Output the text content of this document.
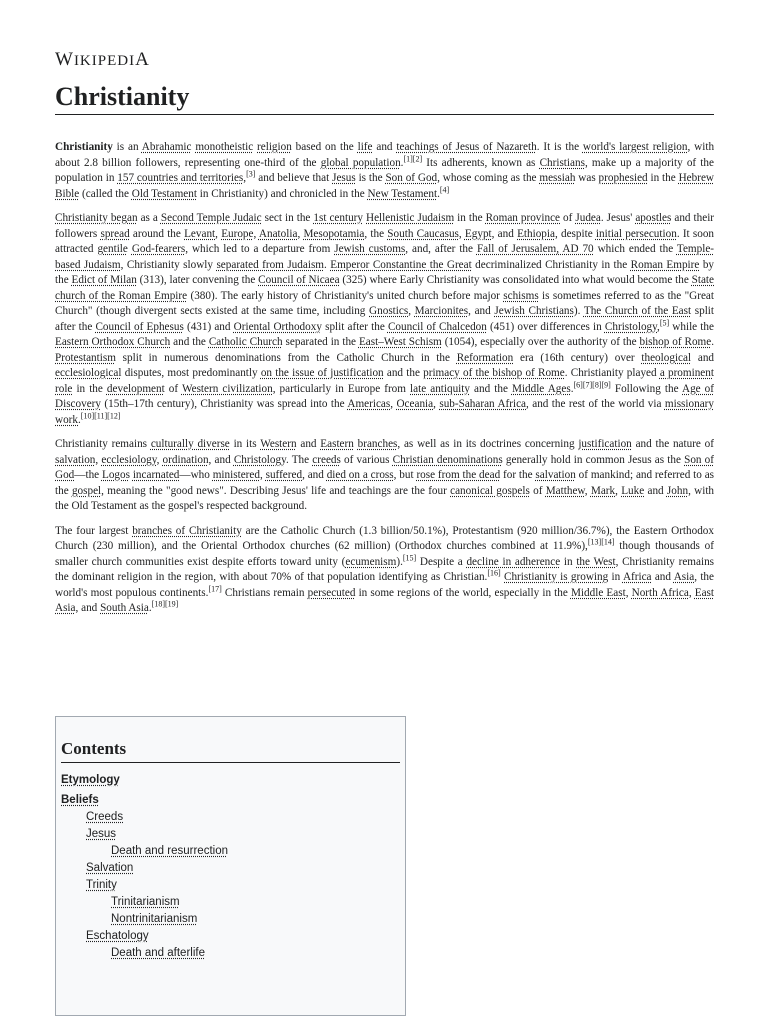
WIKIPEDIA
Christianity

Christianity is an Abrahamic monotheistic religion based on the life and teachings of Jesus of Nazareth. It is the world's largest religion, with about 2.8 billion followers, representing one-third of the global population.[1][2] Its adherents, known as Christians, make up a majority of the population in 157 countries and territories,[3] and believe that Jesus is the Son of God, whose coming as the messiah was prophesied in the Hebrew Bible (called the Old Testament in Christianity) and chronicled in the New Testament.[4]

Christianity began as a Second Temple Judaic sect in the 1st century Hellenistic Judaism in the Roman province of Judea. Jesus' apostles and their followers spread around the Levant, Europe, Anatolia, Mesopotamia, the South Caucasus, Egypt, and Ethiopia, despite initial persecution. It soon attracted gentile God-fearers, which led to a departure from Jewish customs, and, after the Fall of Jerusalem, AD 70 which ended the Temple-based Judaism, Christianity slowly separated from Judaism. Emperor Constantine the Great decriminalized Christianity in the Roman Empire by the Edict of Milan (313), later convening the Council of Nicaea (325) where Early Christianity was consolidated into what would become the State church of the Roman Empire (380). The early history of Christianity's united church before major schisms is sometimes referred to as the "Great Church" (though divergent sects existed at the same time, including Gnostics, Marcionites, and Jewish Christians). The Church of the East split after the Council of Ephesus (431) and Oriental Orthodoxy split after the Council of Chalcedon (451) over differences in Christology,[5] while the Eastern Orthodox Church and the Catholic Church separated in the East–West Schism (1054), especially over the authority of the bishop of Rome. Protestantism split in numerous denominations from the Catholic Church in the Reformation era (16th century) over theological and ecclesiological disputes, most predominantly on the issue of justification and the primacy of the bishop of Rome. Christianity played a prominent role in the development of Western civilization, particularly in Europe from late antiquity and the Middle Ages.[6][7][8][9] Following the Age of Discovery (15th–17th century), Christianity was spread into the Americas, Oceania, sub-Saharan Africa, and the rest of the world via missionary work.[10][11][12]

Christianity remains culturally diverse in its Western and Eastern branches, as well as in its doctrines concerning justification and the nature of salvation, ecclesiology, ordination, and Christology. The creeds of various Christian denominations generally hold in common Jesus as the Son of God—the Logos incarnated—who ministered, suffered, and died on a cross, but rose from the dead for the salvation of mankind; and referred to as the gospel, meaning the "good news". Describing Jesus' life and teachings are the four canonical gospels of Matthew, Mark, Luke and John, with the Old Testament as the gospel's respected background.

The four largest branches of Christianity are the Catholic Church (1.3 billion/50.1%), Protestantism (920 million/36.7%), the Eastern Orthodox Church (230 million), and the Oriental Orthodox churches (62 million) (Orthodox churches combined at 11.9%),[13][14] though thousands of smaller church communities exist despite efforts toward unity (ecumenism).[15] Despite a decline in adherence in the West, Christianity remains the dominant religion in the region, with about 70% of that population identifying as Christian.[16] Christianity is growing in Africa and Asia, the world's most populous continents.[17] Christians remain persecuted in some regions of the world, especially in the Middle East, North Africa, East Asia, and South Asia.[18][19]

Contents
Etymology
Beliefs
Creeds
Jesus
Death and resurrection
Salvation
Trinity
Trinitarianism
Nontrinitarianism
Eschatology
Death and afterlife
